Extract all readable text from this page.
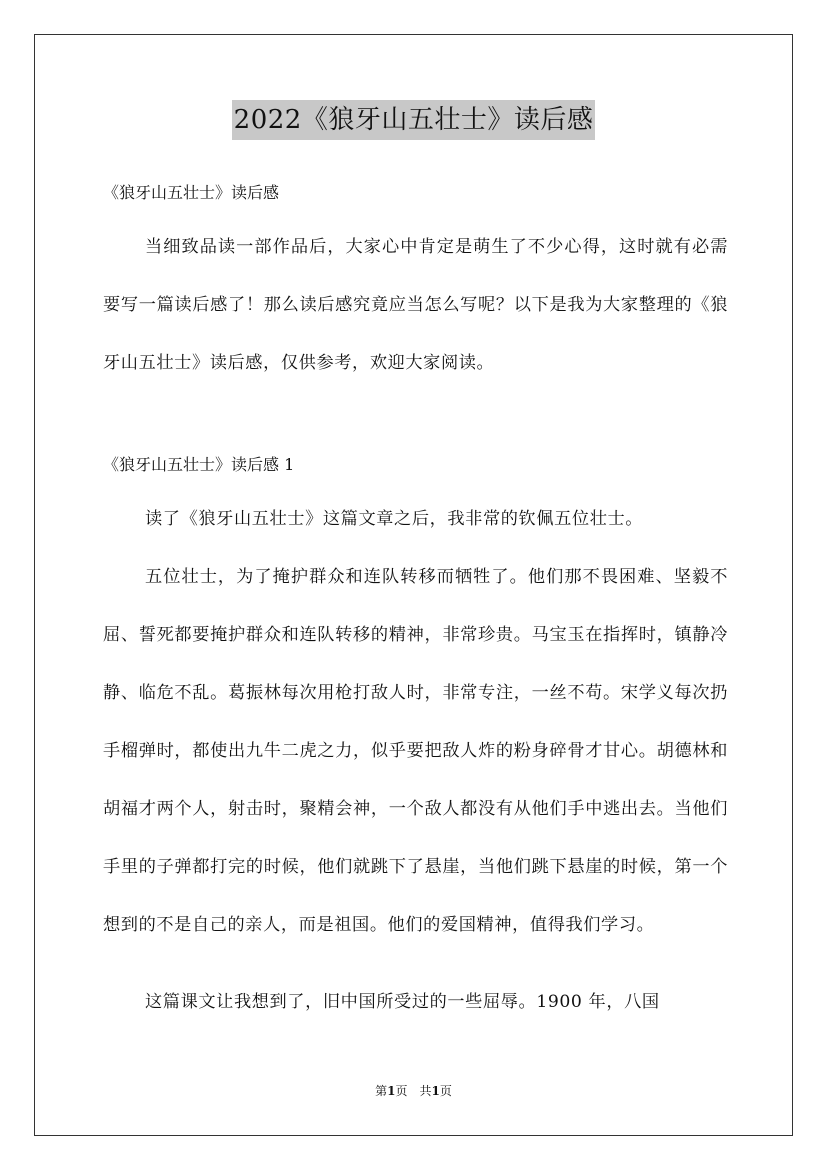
2022《狼牙山五壮士》读后感
《狼牙山五壮士》读后感

当细致品读一部作品后，大家心中肯定是萌生了不少心得，这时就有必需要写一篇读后感了！那么读后感究竟应当怎么写呢？以下是我为大家整理的《狼牙山五壮士》读后感，仅供参考，欢迎大家阅读。

《狼牙山五壮士》读后感 1

读了《狼牙山五壮士》这篇文章之后，我非常的钦佩五位壮士。

五位壮士，为了掩护群众和连队转移而牺牲了。他们那不畏困难、坚毅不屈、誓死都要掩护群众和连队转移的精神，非常珍贵。马宝玉在指挥时，镇静冷静、临危不乱。葛振林每次用枪打敌人时，非常专注，一丝不苟。宋学义每次扔手榴弹时，都使出九牛二虎之力，似乎要把敌人炸的粉身碎骨才甘心。胡德林和胡福才两个人，射击时，聚精会神，一个敌人都没有从他们手中逃出去。当他们手里的子弹都打完的时候，他们就跳下了悬崖，当他们跳下悬崖的时候，第一个想到的不是自己的亲人，而是祖国。他们的爱国精神，值得我们学习。

这篇课文让我想到了，旧中国所受过的一些屈辱。1900 年，八国

第1页　共1页
